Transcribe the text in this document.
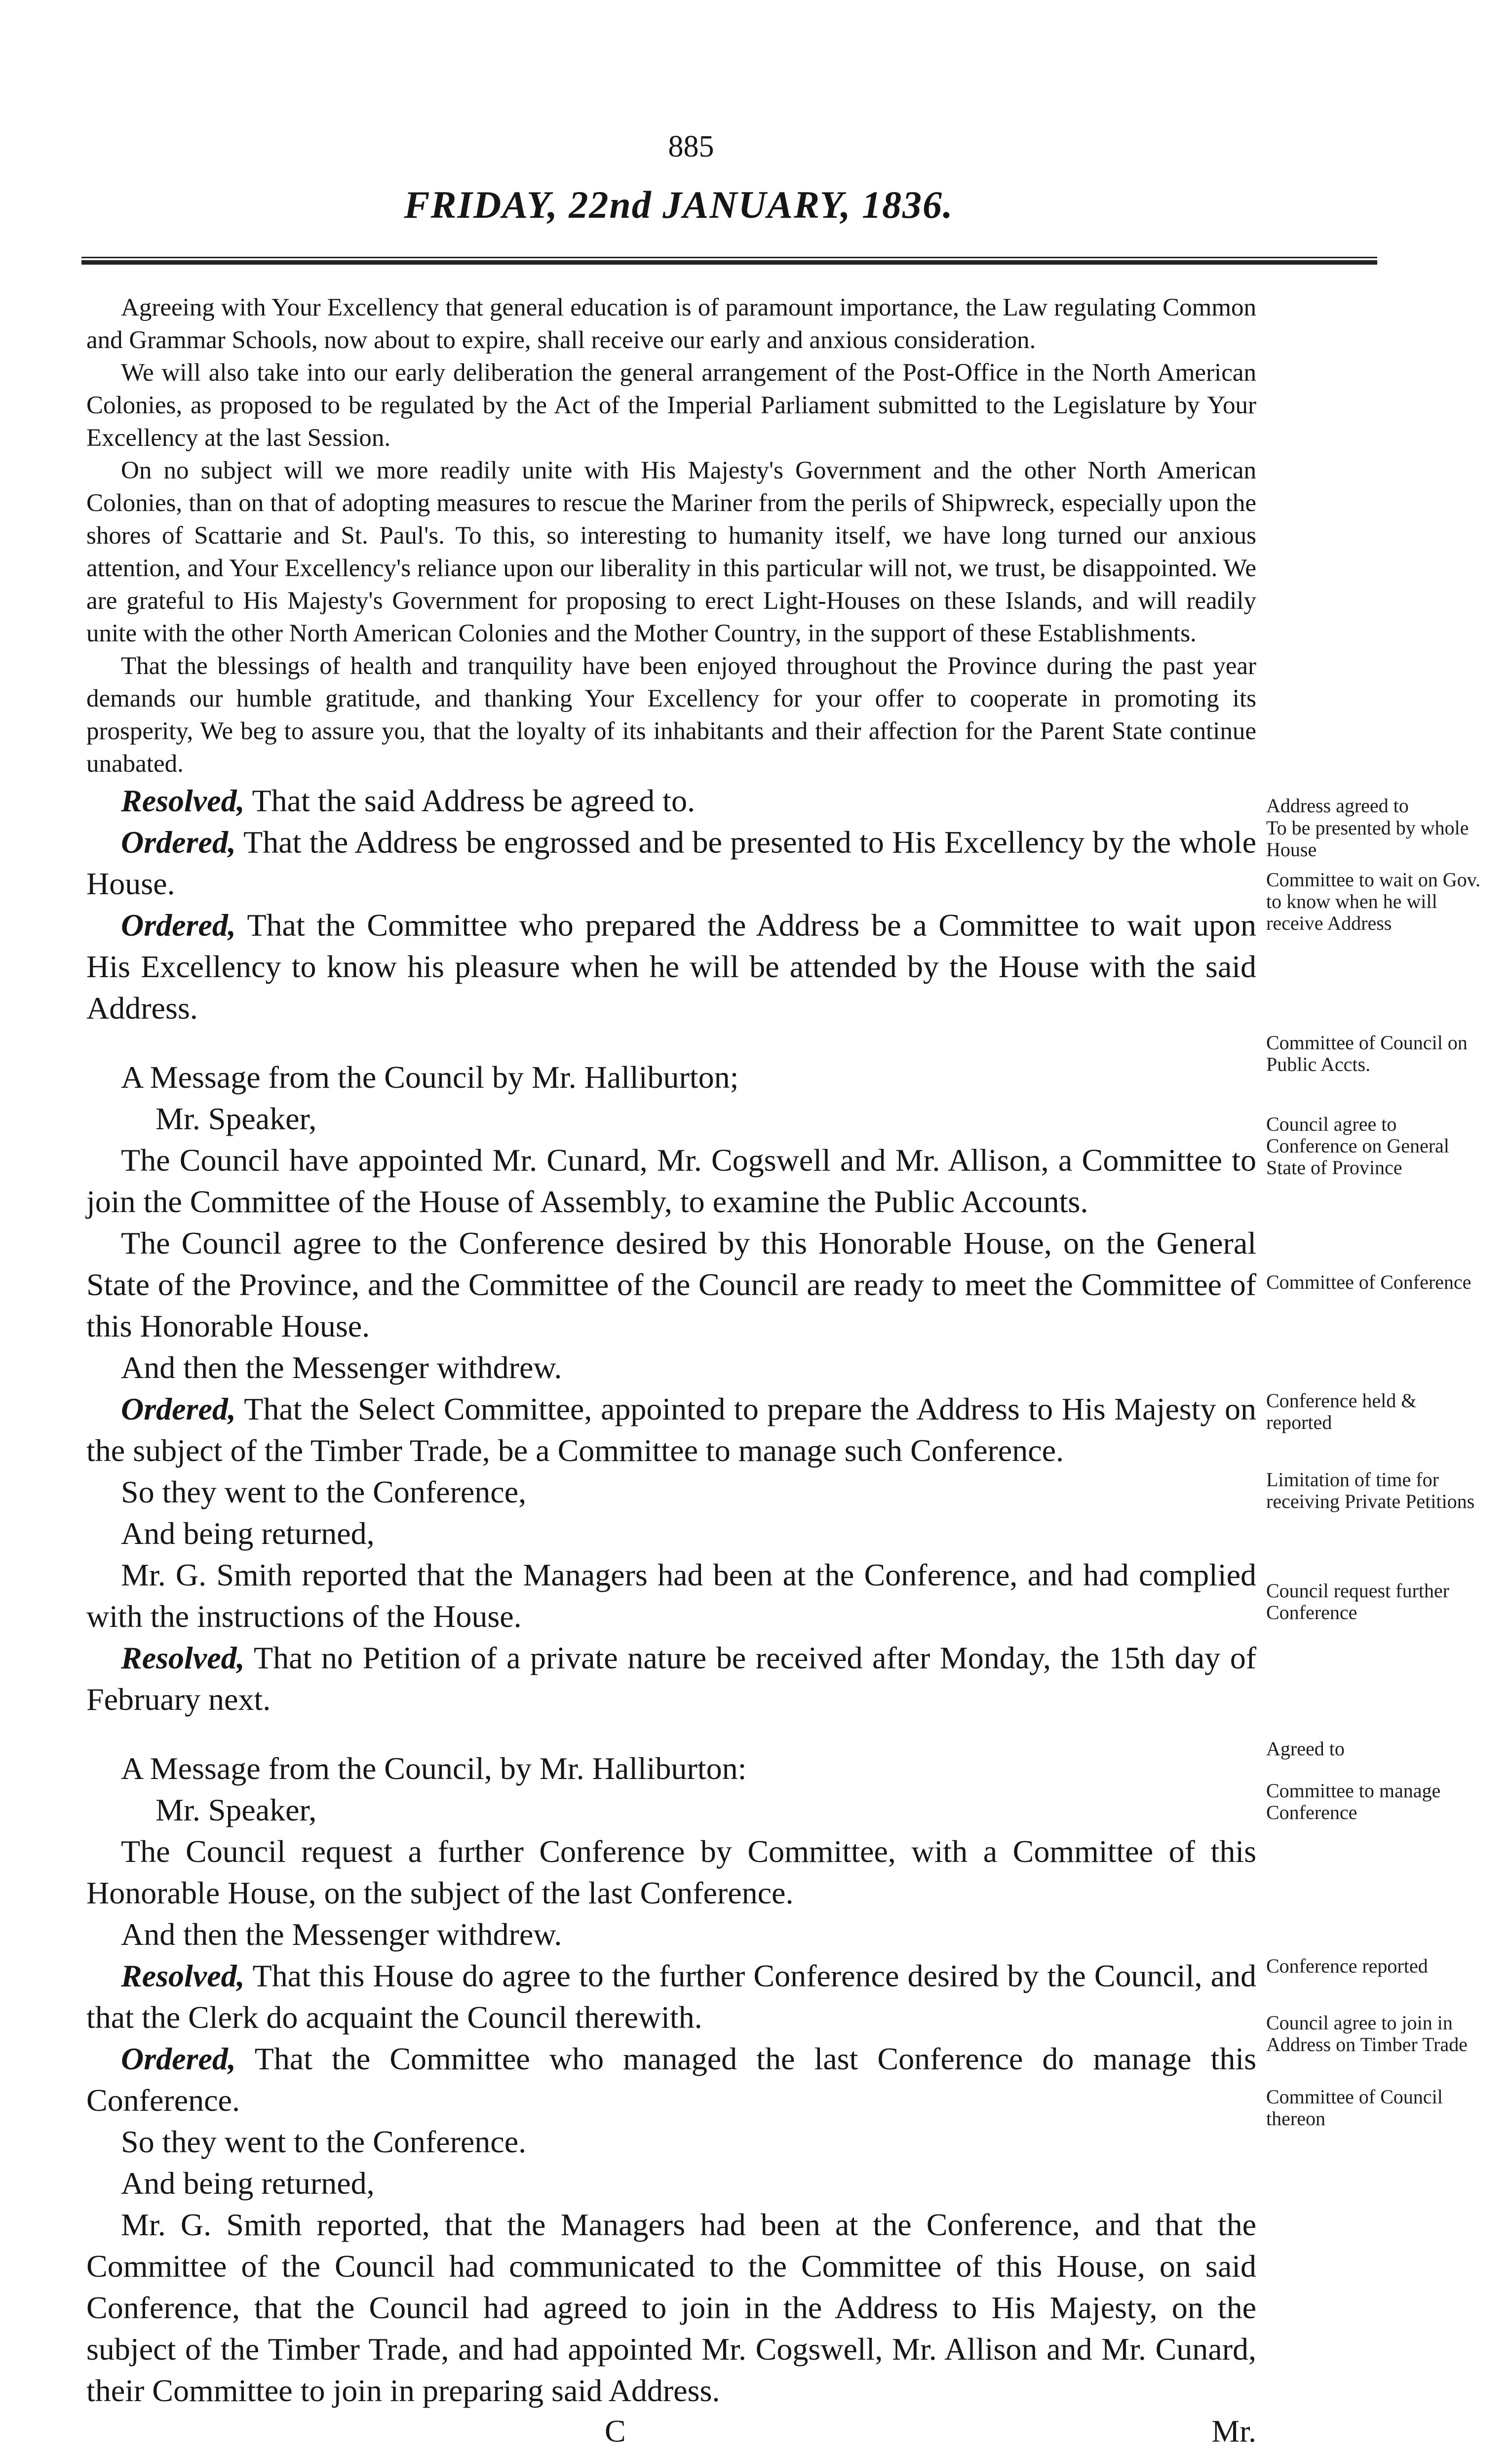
885
FRIDAY, 22nd JANUARY, 1836.

Agreeing with Your Excellency that general education is of paramount importance, the Law regulating Common and Grammar Schools, now about to expire, shall receive our early and anxious consideration.

We will also take into our early deliberation the general arrangement of the Post-Office in the North American Colonies, as proposed to be regulated by the Act of the Imperial Parliament submitted to the Legislature by Your Excellency at the last Session.

On no subject will we more readily unite with His Majesty's Government and the other North American Colonies, than on that of adopting measures to rescue the Mariner from the perils of Shipwreck, especially upon the shores of Scattarie and St. Paul's. To this, so interesting to humanity itself, we have long turned our anxious attention, and Your Excellency's reliance upon our liberality in this particular will not, we trust, be disappointed. We are grateful to His Majesty's Government for proposing to erect Light-Houses on these Islands, and will readily unite with the other North American Colonies and the Mother Country, in the support of these Establishments.

That the blessings of health and tranquility have been enjoyed throughout the Province during the past year demands our humble gratitude, and thanking Your Excellency for your offer to cooperate in promoting its prosperity, We beg to assure you, that the loyalty of its inhabitants and their affection for the Parent State continue unabated.

Resolved, That the said Address be agreed to.

Ordered, That the Address be engrossed and be presented to His Excellency by the whole House.

Ordered, That the Committee who prepared the Address be a Committee to wait upon His Excellency to know his pleasure when he will be attended by the House with the said Address.

A Message from the Council by Mr. Halliburton;

Mr. Speaker,

The Council have appointed Mr. Cunard, Mr. Cogswell and Mr. Allison, a Committee to join the Committee of the House of Assembly, to examine the Public Accounts.

The Council agree to the Conference desired by this Honorable House, on the General State of the Province, and the Committee of the Council are ready to meet the Committee of this Honorable House.

And then the Messenger withdrew.

Ordered, That the Select Committee, appointed to prepare the Address to His Majesty on the subject of the Timber Trade, be a Committee to manage such Conference.

So they went to the Conference,

And being returned,

Mr. G. Smith reported that the Managers had been at the Conference, and had complied with the instructions of the House.

Resolved, That no Petition of a private nature be received after Monday, the 15th day of February next.

A Message from the Council, by Mr. Halliburton:

Mr. Speaker,

The Council request a further Conference by Committee, with a Committee of this Honorable House, on the subject of the last Conference.

And then the Messenger withdrew.

Resolved, That this House do agree to the further Conference desired by the Council, and that the Clerk do acquaint the Council therewith.

Ordered, That the Committee who managed the last Conference do manage this Conference.

So they went to the Conference.

And being returned,

Mr. G. Smith reported, that the Managers had been at the Conference, and that the Committee of the Council had communicated to the Committee of this House, on said Conference, that the Council had agreed to join in the Address to His Majesty, on the subject of the Timber Trade, and had appointed Mr. Cogswell, Mr. Allison and Mr. Cunard, their Committee to join in preparing said Address.

C	Mr.
Address agreed to
To be presented by whole House
Committee to wait on Gov. to know when he will receive Address
Committee of Council on Public Accts.
Council agree to Conference on General State of Province
Committee of Conference
Conference held & reported
Limitation of time for receiving Private Petitions
Council request further Conference
Agreed to
Committee to manage Conference
Conference reported
Council agree to join in Address on Timber Trade
Committee of Council thereon
